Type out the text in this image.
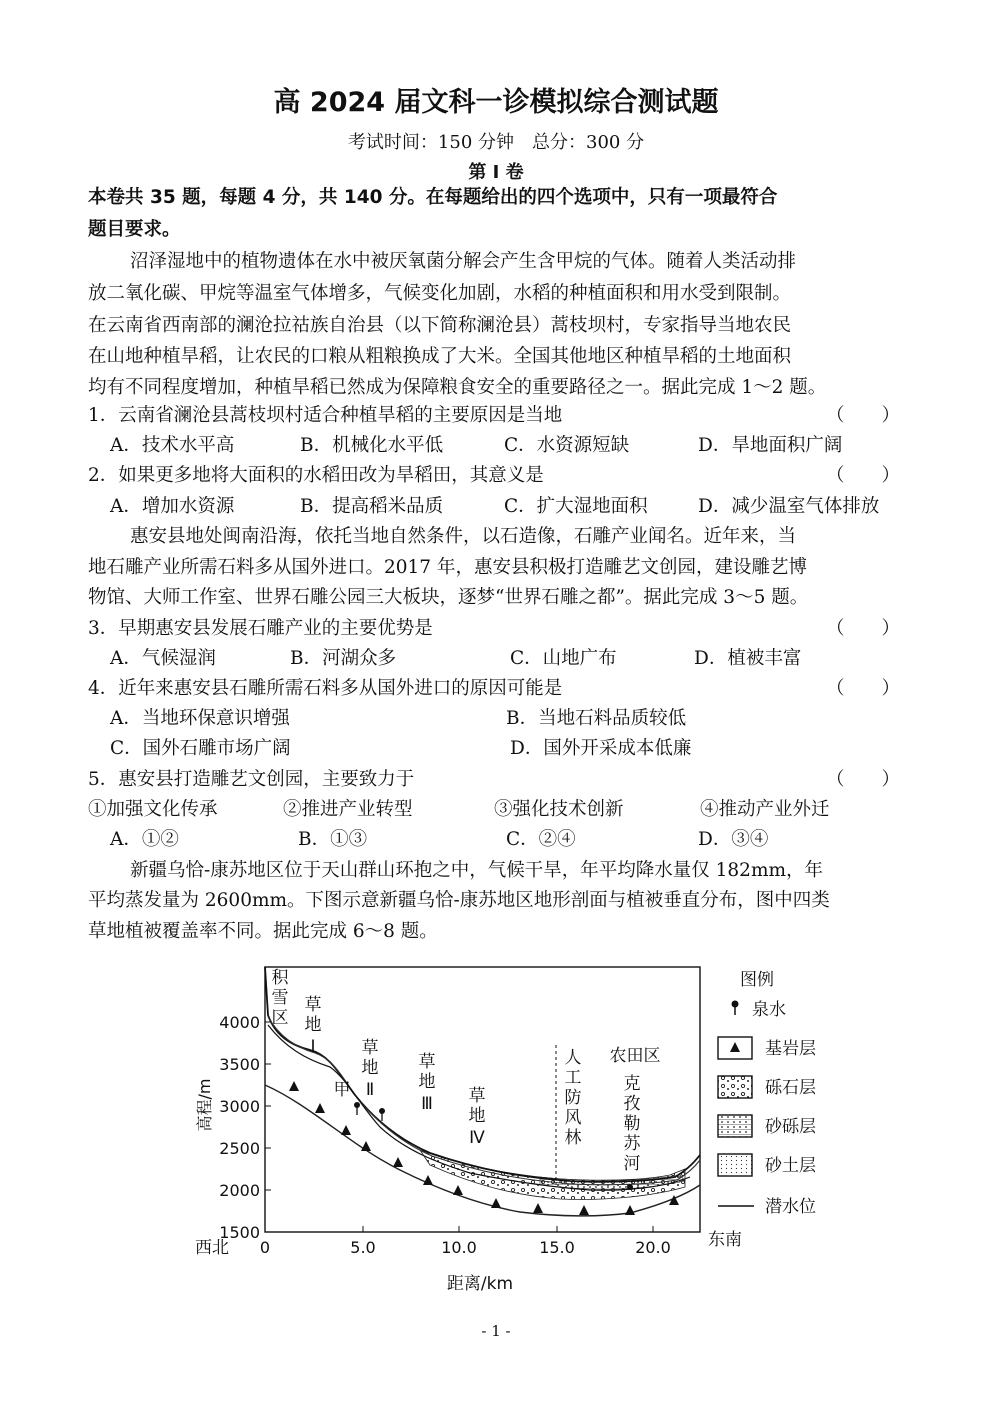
高 2024 届文科一诊模拟综合测试题
考试时间：150 分钟　总分：300 分
第 Ⅰ 卷
本卷共 35 题，每题 4 分，共 140 分。在每题给出的四个选项中，只有一项最符合
题目要求。
沼泽湿地中的植物遗体在水中被厌氧菌分解会产生含甲烷的气体。随着人类活动排
放二氧化碳、甲烷等温室气体增多，气候变化加剧，水稻的种植面积和用水受到限制。
在云南省西南部的澜沧拉祜族自治县（以下简称澜沧县）蒿枝坝村，专家指导当地农民
在山地种植旱稻，让农民的口粮从粗粮换成了大米。全国其他地区种植旱稻的土地面积
均有不同程度增加，种植旱稻已然成为保障粮食安全的重要路径之一。据此完成 1～2 题。
1．云南省澜沧县蒿枝坝村适合种植旱稻的主要原因是当地	（　　）
A．技术水平高	B．机械化水平低	C．水资源短缺	D．旱地面积广阔
2．如果更多地将大面积的水稻田改为旱稻田，其意义是	（　　）
A．增加水资源	B．提高稻米品质	C．扩大湿地面积	D．减少温室气体排放
惠安县地处闽南沿海，依托当地自然条件，以石造像，石雕产业闻名。近年来，当
地石雕产业所需石料多从国外进口。2017 年，惠安县积极打造雕艺文创园，建设雕艺博
物馆、大师工作室、世界石雕公园三大板块，逐梦“世界石雕之都”。据此完成 3～5 题。
3．早期惠安县发展石雕产业的主要优势是	（　　）
A．气候湿润	B．河湖众多	C．山地广布	D．植被丰富
4．近年来惠安县石雕所需石料多从国外进口的原因可能是	（　　）
A．当地环保意识增强	B．当地石料品质较低
C．国外石雕市场广阔	D．国外开采成本低廉
5．惠安县打造雕艺文创园，主要致力于	（　　）
①加强文化传承	②推进产业转型	③强化技术创新	④推动产业外迁
A．①②	B．①③	C．②④	D．③④
新疆乌恰-康苏地区位于天山群山环抱之中，气候干旱，年平均降水量仅 182mm，年
平均蒸发量为 2600mm。下图示意新疆乌恰-康苏地区地形剖面与植被垂直分布，图中四类
草地植被覆盖率不同。据此完成 6～8 题。
4000
3500
3000
2500
2000
1500
高程/m
0	5.0	10.0	15.0	20.0
西北	东南
距离/km
积
雪
区
草
地
Ⅰ	草
地
Ⅱ
甲
草
地
Ⅲ 草
地
Ⅳ
人
工
防
风
林
农田区
克
孜
勒
苏
河
图例
泉水
基岩层
砾石层
砂砾层
砂土层
潜水位
- 1 -
